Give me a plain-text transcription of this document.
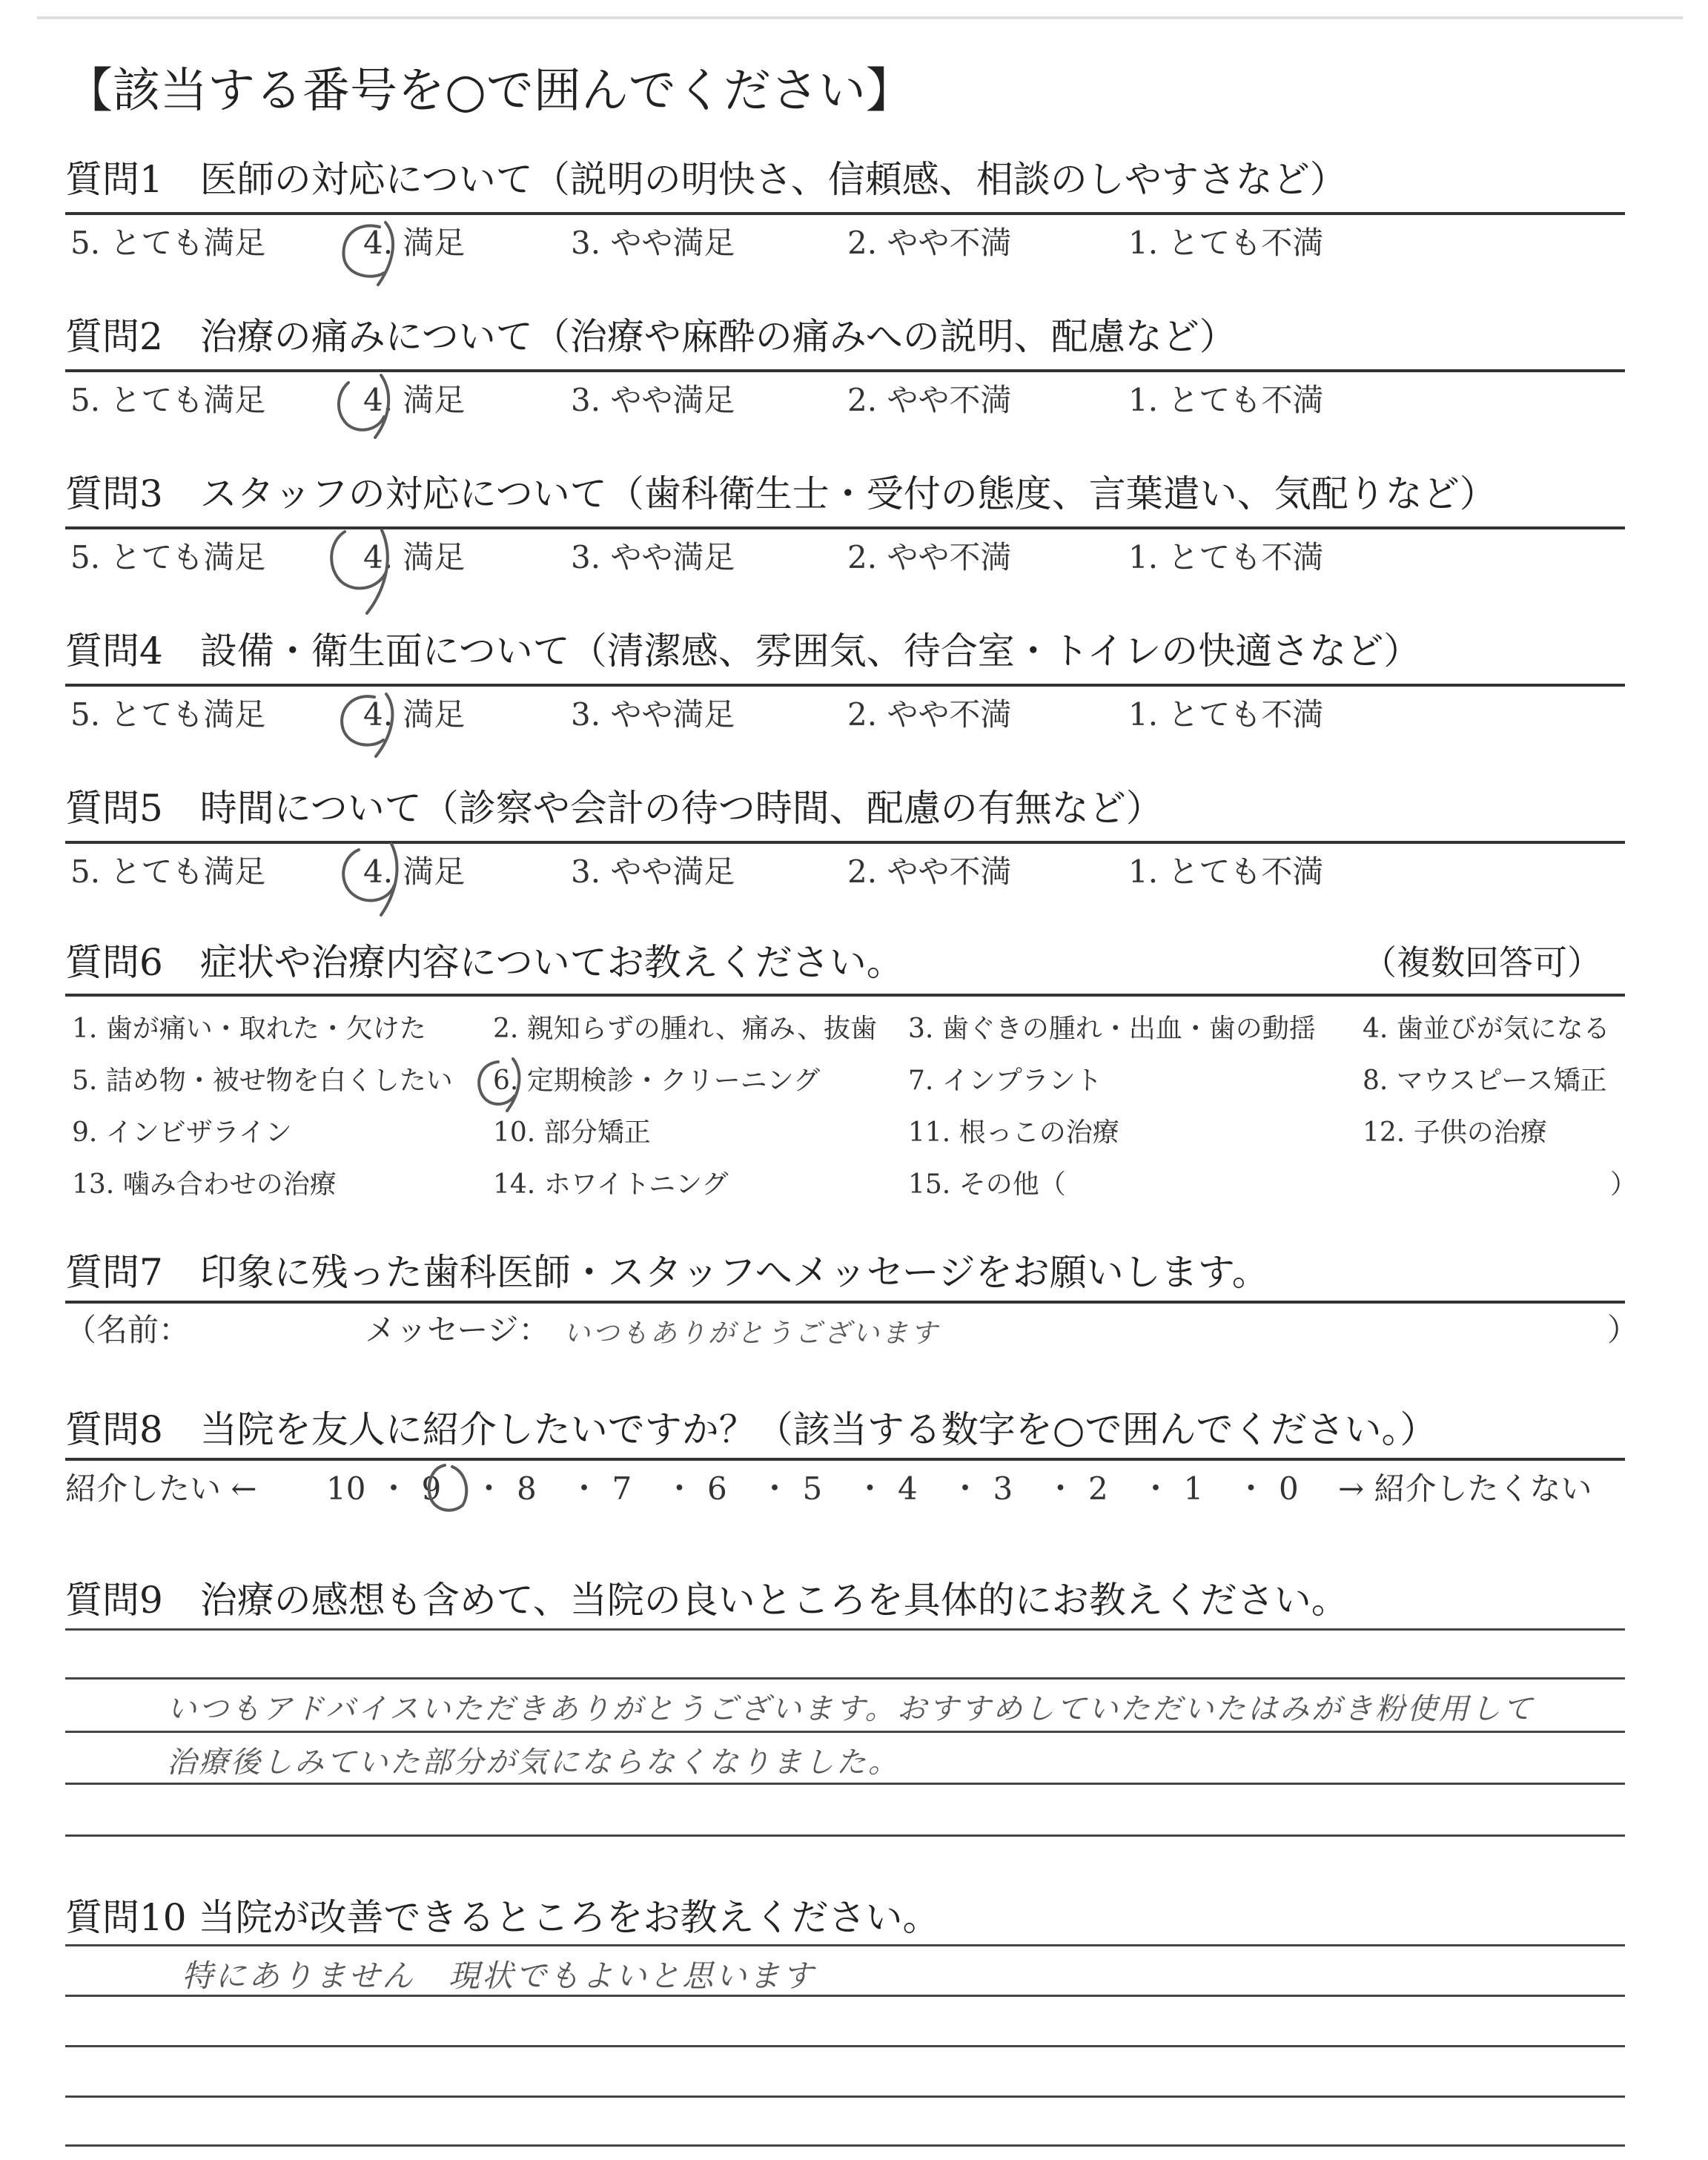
【該当する番号を○で囲んでください】
質問1　医師の対応について（説明の明快さ、信頼感、相談のしやすさなど）
5. とても満足	4. 満足	3. やや満足	2. やや不満	1. とても不満
質問2　治療の痛みについて（治療や麻酔の痛みへの説明、配慮など）
5. とても満足	4. 満足	3. やや満足	2. やや不満	1. とても不満
質問3　スタッフの対応について（歯科衛生士・受付の態度、言葉遣い、気配りなど）
5. とても満足	4. 満足	3. やや満足	2. やや不満	1. とても不満
質問4　設備・衛生面について（清潔感、雰囲気、待合室・トイレの快適さなど）
5. とても満足	4. 満足	3. やや満足	2. やや不満	1. とても不満
質問5　時間について（診察や会計の待つ時間、配慮の有無など）
5. とても満足	4. 満足	3. やや満足	2. やや不満	1. とても不満
質問6　症状や治療内容についてお教えください。	（複数回答可）
1. 歯が痛い・取れた・欠けた	2. 親知らずの腫れ、痛み、抜歯 3. 歯ぐきの腫れ・出血・歯の動揺 4. 歯並びが気になる
5. 詰め物・被せ物を白くしたい 6. 定期検診・クリーニング	7. インプラント	8. マウスピース矯正
9. インビザライン	10. 部分矯正	11. 根っこの治療	12. 子供の治療
13. 噛み合わせの治療	14. ホワイトニング	15. その他（	）
質問7　印象に残った歯科医師・スタッフへメッセージをお願いします。
（名前：	メッセージ： いつもありがとうございます	）
質問8　当院を友人に紹介したいですか？（該当する数字を○で囲んでください。）
紹介したい ←	→ 紹介したくない
10 ・ 9 ・ 8 ・ 7 ・ 6 ・ 5 ・ 4 ・ 3 ・ 2 ・ 1 ・ 0
質問9　治療の感想も含めて、当院の良いところを具体的にお教えください。
いつもアドバイスいただきありがとうございます。おすすめしていただいたはみがき粉使用して
治療後しみていた部分が気にならなくなりました。
質問10 当院が改善できるところをお教えください。
特にありません　現状でもよいと思います
